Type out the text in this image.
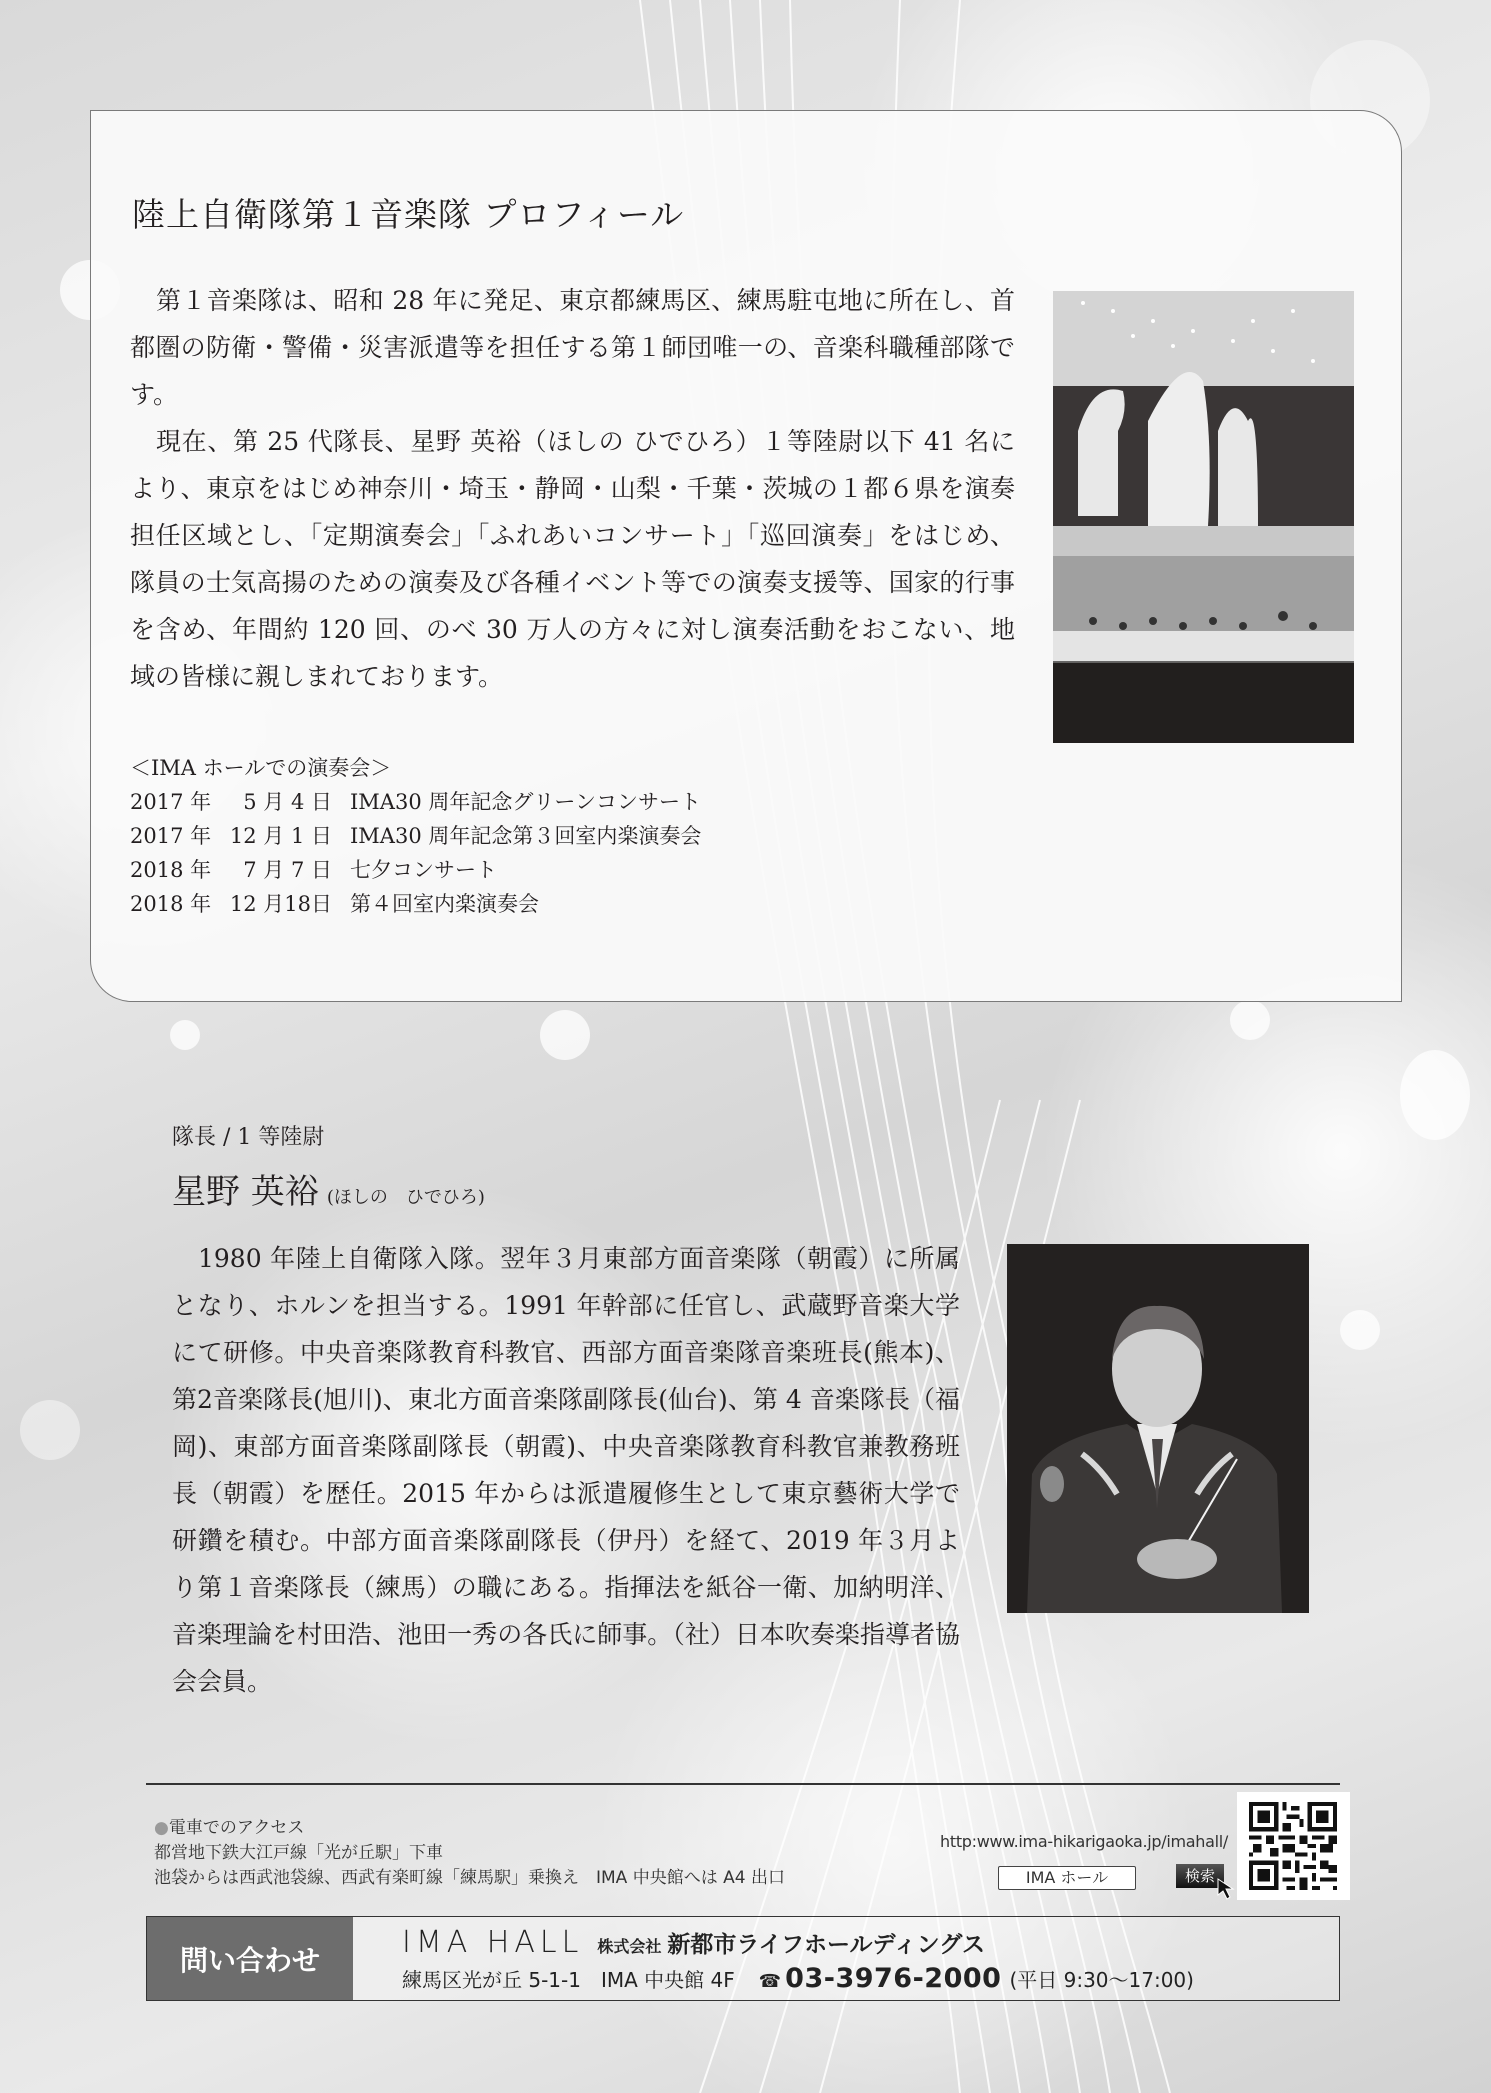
陸上自衛隊第１音楽隊 プロフィール

第１音楽隊は、昭和 28 年に発足、東京都練馬区、練馬駐屯地に所在し、首都圏の防衛・警備・災害派遣等を担任する第１師団唯一の、音楽科職種部隊です。

現在、第 25 代隊長、星野 英裕（ほしの ひでひろ）１等陸尉以下 41 名により、東京をはじめ神奈川・埼玉・静岡・山梨・千葉・茨城の１都６県を演奏担任区域とし、「定期演奏会」「ふれあいコンサート」「巡回演奏」をはじめ、隊員の士気高揚のための演奏及び各種イベント等での演奏支援等、国家的行事を含め、年間約 120 回、のべ 30 万人の方々に対し演奏活動をおこない、地域の皆様に親しまれております。

＜IMA ホールでの演奏会＞
2017 年 5 月 4 日 IMA30 周年記念グリーンコンサート
2017 年 12 月 1 日 IMA30 周年記念第３回室内楽演奏会
2018 年 7 月 7 日 七夕コンサート
2018 年 12 月18日 第４回室内楽演奏会
隊長 / 1 等陸尉
星野 英裕 (ほしの　ひでひろ)

1980 年陸上自衛隊入隊。翌年３月東部方面音楽隊（朝霞）に所属となり、ホルンを担当する。1991 年幹部に任官し、武蔵野音楽大学にて研修。中央音楽隊教育科教官、西部方面音楽隊音楽班長(熊本)、第2音楽隊長(旭川)、東北方面音楽隊副隊長(仙台)、第 4 音楽隊長（福岡)、東部方面音楽隊副隊長（朝霞)、中央音楽隊教育科教官兼教務班長（朝霞）を歴任。2015 年からは派遣履修生として東京藝術大学で研鑽を積む。中部方面音楽隊副隊長（伊丹）を経て、2019 年３月より第１音楽隊長（練馬）の職にある。指揮法を紙谷一衛、加納明洋、音楽理論を村田浩、池田一秀の各氏に師事。（社）日本吹奏楽指導者協会会員。

●電車でのアクセス
都営地下鉄大江戸線「光が丘駅」下車
池袋からは西武池袋線、西武有楽町線「練馬駅」乗換え　IMA 中央館へは A4 出口
http:www.ima-hikarigaoka.jp/imahall/
IMA ホール	検索
問い合わせ	IMA HALL 株式会社 新都市ライフホールディングス
練馬区光が丘 5-1-1　IMA 中央館 4F ☎ 03-3976-2000 (平日 9:30〜17:00)
